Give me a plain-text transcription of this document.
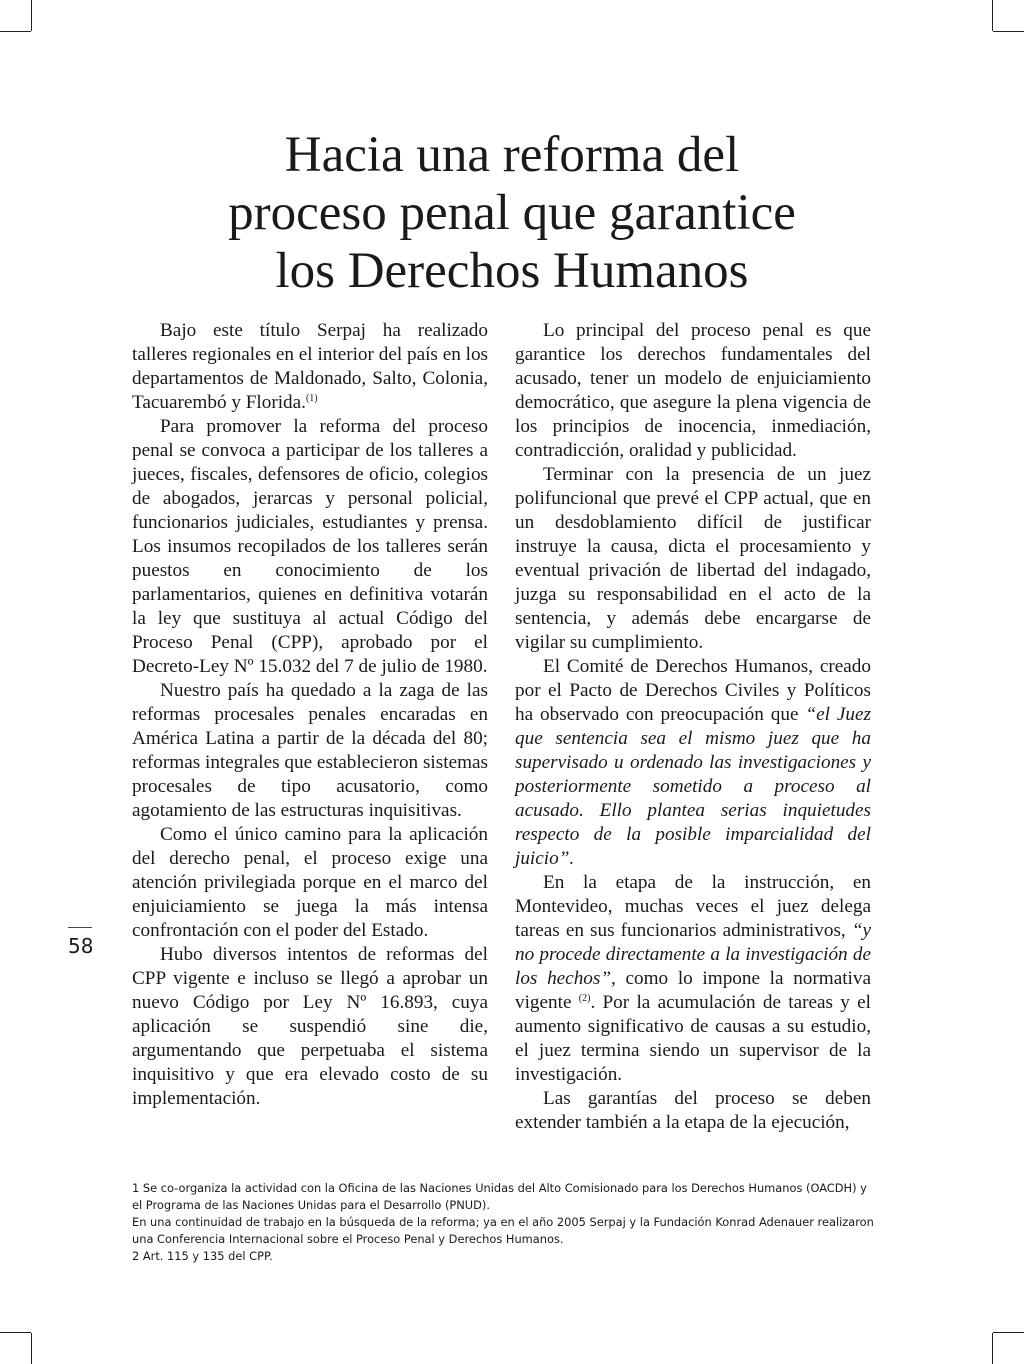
Hacia una reforma del
proceso penal que garantice
los Derechos Humanos

Bajo este título Serpaj ha realizado talleres regionales en el interior del país en los departamentos de Maldonado, Salto, Colonia, Tacuarembó y Florida.$^{(1)}$

Para promover la reforma del proceso penal se convoca a participar de los talleres a jueces, fiscales, defensores de oficio, colegios de abogados, jerarcas y personal policial, funcionarios judiciales, estudiantes y prensa. Los insumos recopilados de los talleres serán puestos en conocimiento de los parlamentarios, quienes en definitiva votarán la ley que sustituya al actual Código del Proceso Penal (CPP), aprobado por el Decreto-Ley Nº 15.032 del 7 de julio de 1980.

Nuestro país ha quedado a la zaga de las reformas procesales penales encaradas en América Latina a partir de la década del 80; reformas integrales que establecieron sistemas procesales de tipo acusatorio, como agotamiento de las estructuras inquisitivas.

Como el único camino para la aplicación del derecho penal, el proceso exige una atención privilegiada porque en el marco del enjuiciamiento se juega la más intensa confrontación con el poder del Estado.

Hubo diversos intentos de reformas del CPP vigente e incluso se llegó a aprobar un nuevo Código por Ley Nº 16.893, cuya aplicación se suspendió sine die, argumentando que perpetuaba el sistema inquisitivo y que era elevado costo de su implementación.

Lo principal del proceso penal es que garantice los derechos fundamentales del acusado, tener un modelo de enjuiciamiento democrático, que asegure la plena vigencia de los principios de inocencia, inmediación, contradicción, oralidad y publicidad.

Terminar con la presencia de un juez polifuncional que prevé el CPP actual, que en un desdoblamiento difícil de justificar instruye la causa, dicta el procesamiento y eventual privación de libertad del indagado, juzga su responsabilidad en el acto de la sentencia, y además debe encargarse de vigilar su cumplimiento.

El Comité de Derechos Humanos, creado por el Pacto de Derechos Civiles y Políticos ha observado con preocupación que “el Juez que sentencia sea el mismo juez que ha supervisado u ordenado las investigaciones y posteriormente sometido a proceso al acusado. Ello plantea serias inquietudes respecto de la posible imparcialidad del juicio”.

En la etapa de la instrucción, en Montevideo, muchas veces el juez delega tareas en sus funcionarios administrativos, “y no procede directamente a la investigación de los hechos”, como lo impone la normativa vigente $^{(2)}$. Por la acumulación de tareas y el aumento significativo de causas a su estudio, el juez termina siendo un supervisor de la investigación.

Las garantías del proceso se deben extender también a la etapa de la ejecución,

58

1 Se co-organiza la actividad con la Oficina de las Naciones Unidas del Alto Comisionado para los Derechos Humanos (OACDH) y el Programa de las Naciones Unidas para el Desarrollo (PNUD).

En una continuidad de trabajo en la búsqueda de la reforma; ya en el año 2005 Serpaj y la Fundación Konrad Adenauer realizaron una Conferencia Internacional sobre el Proceso Penal y Derechos Humanos.

2 Art. 115 y 135 del CPP.
